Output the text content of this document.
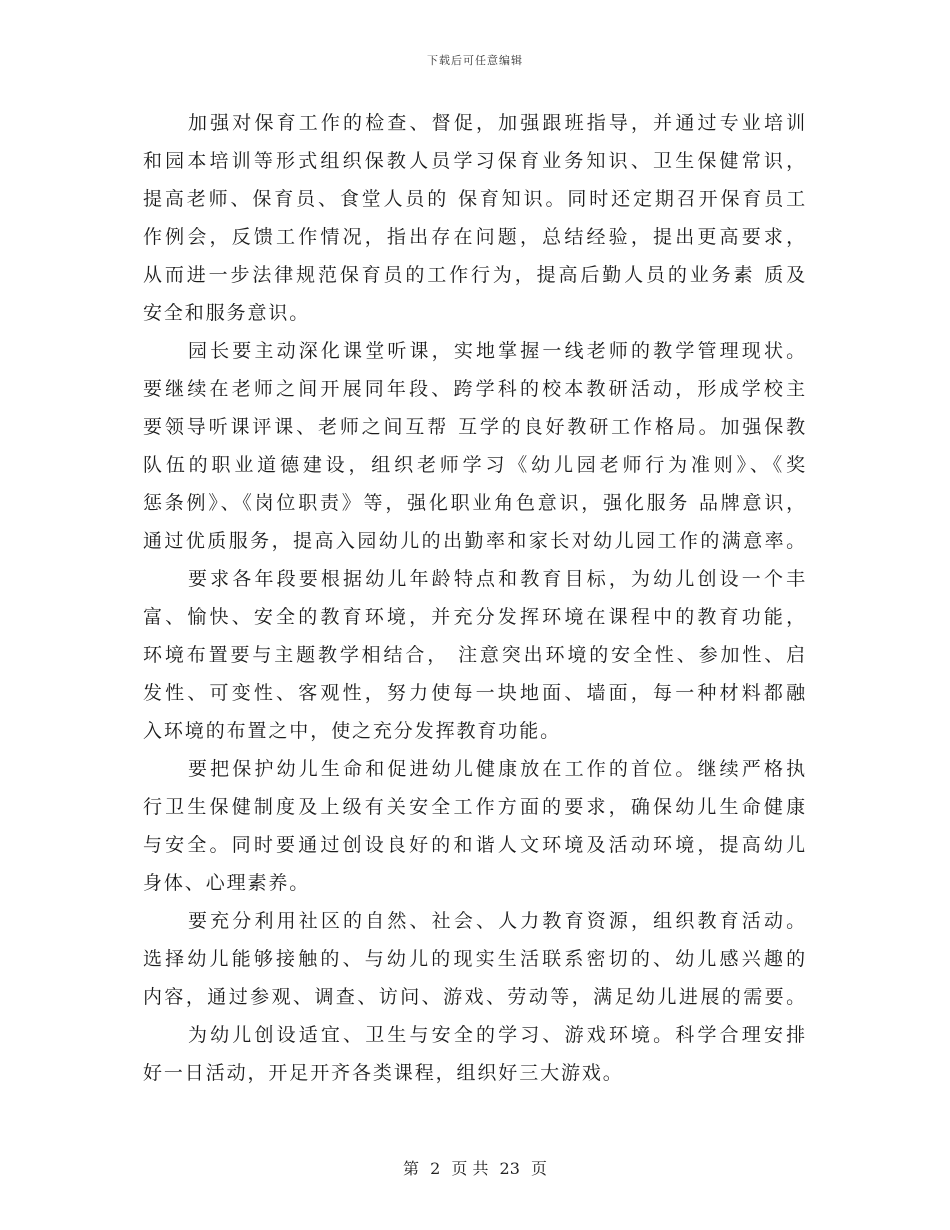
下载后可任意编辑
加强对保育工作的检查、督促，加强跟班指导，并通过专业培训
和园本培训等形式组织保教人员学习保育业务知识、卫生保健常识，
提高老师、保育员、食堂人员的 保育知识。同时还定期召开保育员工
作例会，反馈工作情况，指出存在问题，总结经验，提出更高要求，
从而进一步法律规范保育员的工作行为，提高后勤人员的业务素 质及
安全和服务意识。
园长要主动深化课堂听课，实地掌握一线老师的教学管理现状。
要继续在老师之间开展同年段、跨学科的校本教研活动，形成学校主
要领导听课评课、老师之间互帮 互学的良好教研工作格局。加强保教
队伍的职业道德建设，组织老师学习《幼儿园老师行为准则》、《奖
惩条例》、《岗位职责》等，强化职业角色意识，强化服务 品牌意识，
通过优质服务，提高入园幼儿的出勤率和家长对幼儿园工作的满意率。
要求各年段要根据幼儿年龄特点和教育目标，为幼儿创设一个丰
富、愉快、安全的教育环境，并充分发挥环境在课程中的教育功能，
环境布置要与主题教学相结合， 注意突出环境的安全性、参加性、启
发性、可变性、客观性，努力使每一块地面、墙面，每一种材料都融
入环境的布置之中，使之充分发挥教育功能。
要把保护幼儿生命和促进幼儿健康放在工作的首位。继续严格执
行卫生保健制度及上级有关安全工作方面的要求，确保幼儿生命健康
与安全。同时要通过创设良好的和谐人文环境及活动环境，提高幼儿
身体、心理素养。
要充分利用社区的自然、社会、人力教育资源，组织教育活动。
选择幼儿能够接触的、与幼儿的现实生活联系密切的、幼儿感兴趣的
内容，通过参观、调查、访问、游戏、劳动等，满足幼儿进展的需要。
为幼儿创设适宜、卫生与安全的学习、游戏环境。科学合理安排
好一日活动，开足开齐各类课程，组织好三大游戏。
第 2 页 共 23 页
